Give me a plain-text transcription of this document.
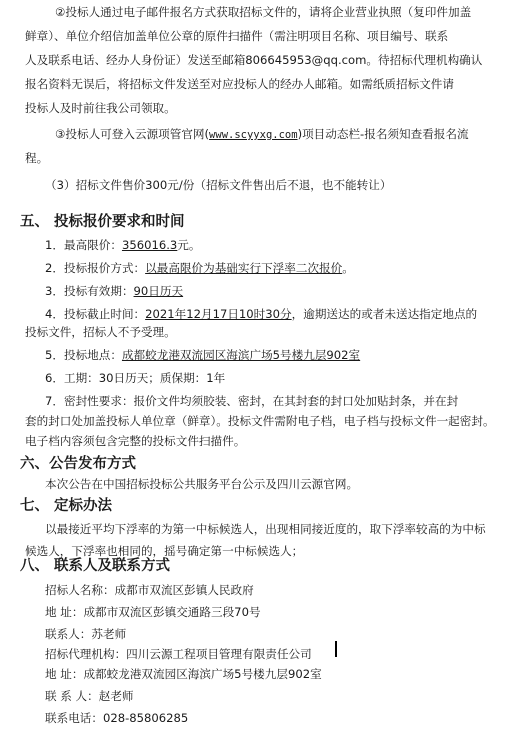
②投标人通过电子邮件报名方式获取招标文件的，请将企业营业执照（复印件加盖
鲜章）、单位介绍信加盖单位公章的原件扫描件（需注明项目名称、项目编号、联系
人及联系电话、经办人身份证）发送至邮箱806645953@qq.com。待招标代理机构确认
报名资料无误后，将招标文件发送至对应投标人的经办人邮箱。如需纸质招标文件请
投标人及时前往我公司领取。
③投标人可登入云源项管官网(www.scyyxg.com)项目动态栏-报名须知查看报名流
程。
（3）招标文件售价300元/份（招标文件售出后不退，也不能转让）
五、 投标报价要求和时间
1．最高限价：356016.3元。
2．投标报价方式：以最高限价为基础实行下浮率二次报价。
3．投标有效期：90日历天
4．投标截止时间：2021年12月17日10时30分，逾期送达的或者未送达指定地点的
投标文件，招标人不予受理。
5．投标地点：成都蛟龙港双流园区海滨广场5号楼九层902室
6．工期：30日历天；质保期：1年
7．密封性要求：报价文件均须胶装、密封，在其封套的封口处加贴封条，并在封
套的封口处加盖投标人单位章（鲜章）。投标文件需附电子档，电子档与投标文件一起密封。
电子档内容须包含完整的投标文件扫描件。
六、公告发布方式
本次公告在中国招标投标公共服务平台公示及四川云源官网。
七、 定标办法
以最接近平均下浮率的为第一中标候选人，出现相同接近度的，取下浮率较高的为中标
候选人，下浮率也相同的，摇号确定第一中标候选人；
八、 联系人及联系方式
招标人名称：成都市双流区彭镇人民政府
地 址：成都市双流区彭镇交通路三段70号
联系人：苏老师
招标代理机构：四川云源工程项目管理有限责任公司
地 址：成都蛟龙港双流园区海滨广场5号楼九层902室
联 系 人：赵老师
联系电话：028-85806285
